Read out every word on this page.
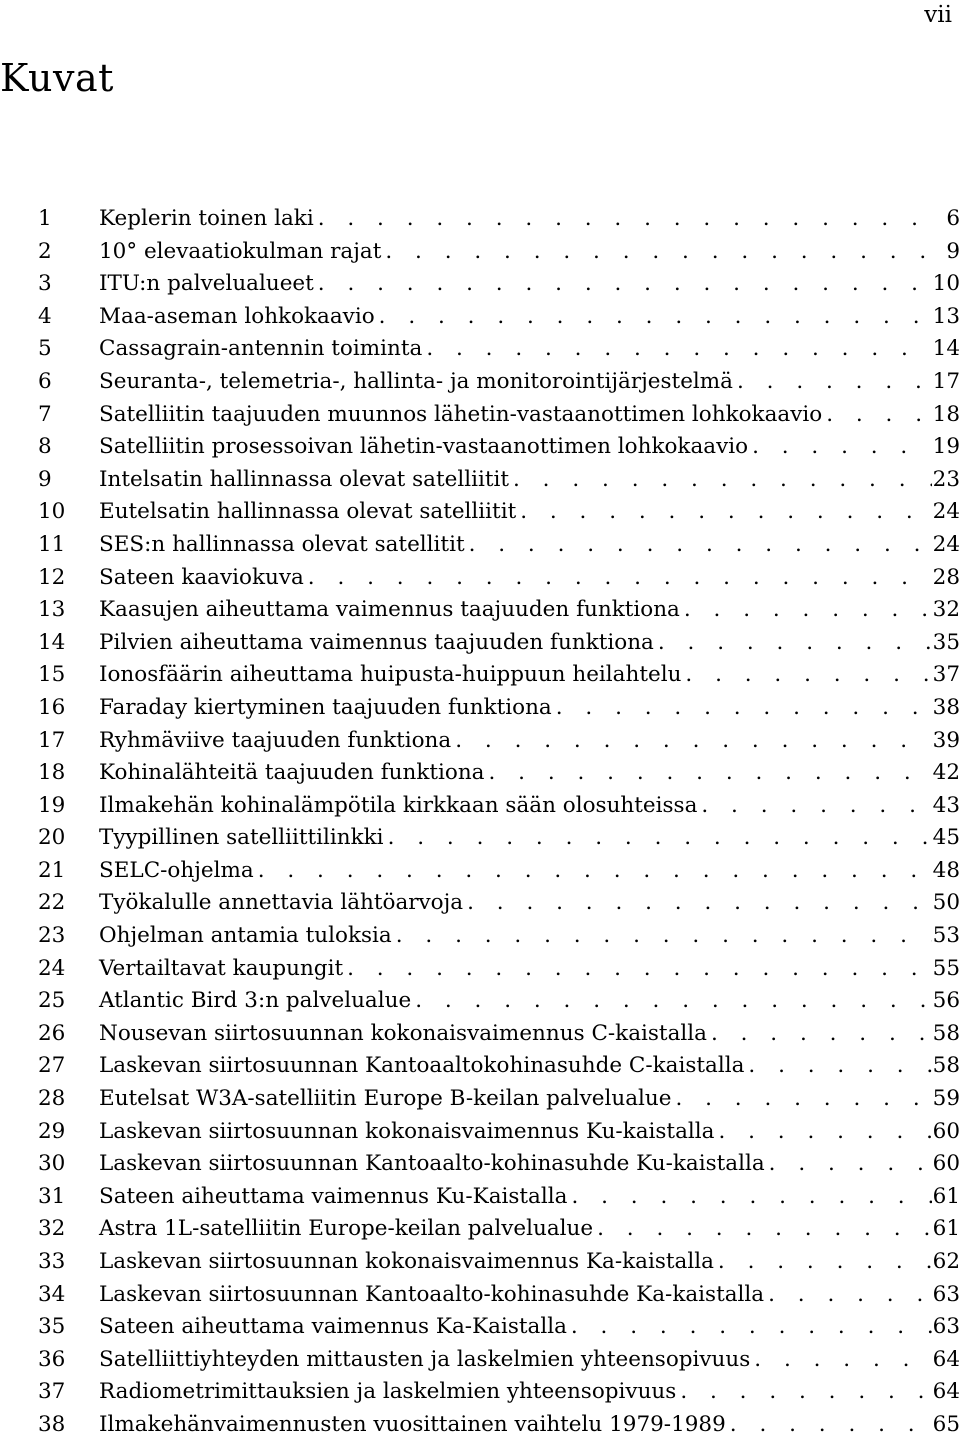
vii
Kuvat
1	Keplerin toinen laki . . .	6
2	10° elevaatiokulman rajat . . .	9
3	ITU:n palvelualueet . . .	10
4	Maa-aseman lohkokaavio . . .	13
5	Cassagrain-antennin toiminta . . .	14
6	Seuranta-, telemetria-, hallinta- ja monitorointijärjestelmä . . .	17
7	Satelliitin taajuuden muunnos lähetin-vastaanottimen lohkokaavio . . .	18
8	Satelliitin prosessoivan lähetin-vastaanottimen lohkokaavio . . .	19
9	Intelsatin hallinnassa olevat satelliitit . . .	23
10	Eutelsatin hallinnassa olevat satelliitit . . .	24
11	SES:n hallinnassa olevat satellitit . . .	24
12	Sateen kaaviokuva . . .	28
13	Kaasujen aiheuttama vaimennus taajuuden funktiona . . .	32
14	Pilvien aiheuttama vaimennus taajuuden funktiona . . .	35
15	Ionosfäärin aiheuttama huipusta-huippuun heilahtelu . . .	37
16	Faraday kiertyminen taajuuden funktiona . . .	38
17	Ryhmäviive taajuuden funktiona . . .	39
18	Kohinalähteitä taajuuden funktiona . . .	42
19	Ilmakehän kohinalämpötila kirkkaan sään olosuhteissa . . .	43
20	Tyypillinen satelliittilinkki . . .	45
21	SELC-ohjelma . . .	48
22	Työkalulle annettavia lähtöarvoja . . .	50
23	Ohjelman antamia tuloksia . . .	53
24	Vertailtavat kaupungit . . .	55
25	Atlantic Bird 3:n palvelualue . . .	56
26	Nousevan siirtosuunnan kokonaisvaimennus C-kaistalla . . .	58
27	Laskevan siirtosuunnan Kantoaaltokohinasuhde C-kaistalla . . .	58
28	Eutelsat W3A-satelliitin Europe B-keilan palvelualue . . .	59
29	Laskevan siirtosuunnan kokonaisvaimennus Ku-kaistalla . . .	60
30	Laskevan siirtosuunnan Kantoaalto-kohinasuhde Ku-kaistalla . . .	60
31	Sateen aiheuttama vaimennus Ku-Kaistalla . . .	61
32	Astra 1L-satelliitin Europe-keilan palvelualue . . .	61
33	Laskevan siirtosuunnan kokonaisvaimennus Ka-kaistalla . . .	62
34	Laskevan siirtosuunnan Kantoaalto-kohinasuhde Ka-kaistalla . . .	63
35	Sateen aiheuttama vaimennus Ka-Kaistalla . . .	63
36	Satelliittiyhteyden mittausten ja laskelmien yhteensopivuus . . .	64
37	Radiometrimittauksien ja laskelmien yhteensopivuus . . .	64
38	Ilmakehänvaimennusten vuosittainen vaihtelu 1979-1989 . . .	65
